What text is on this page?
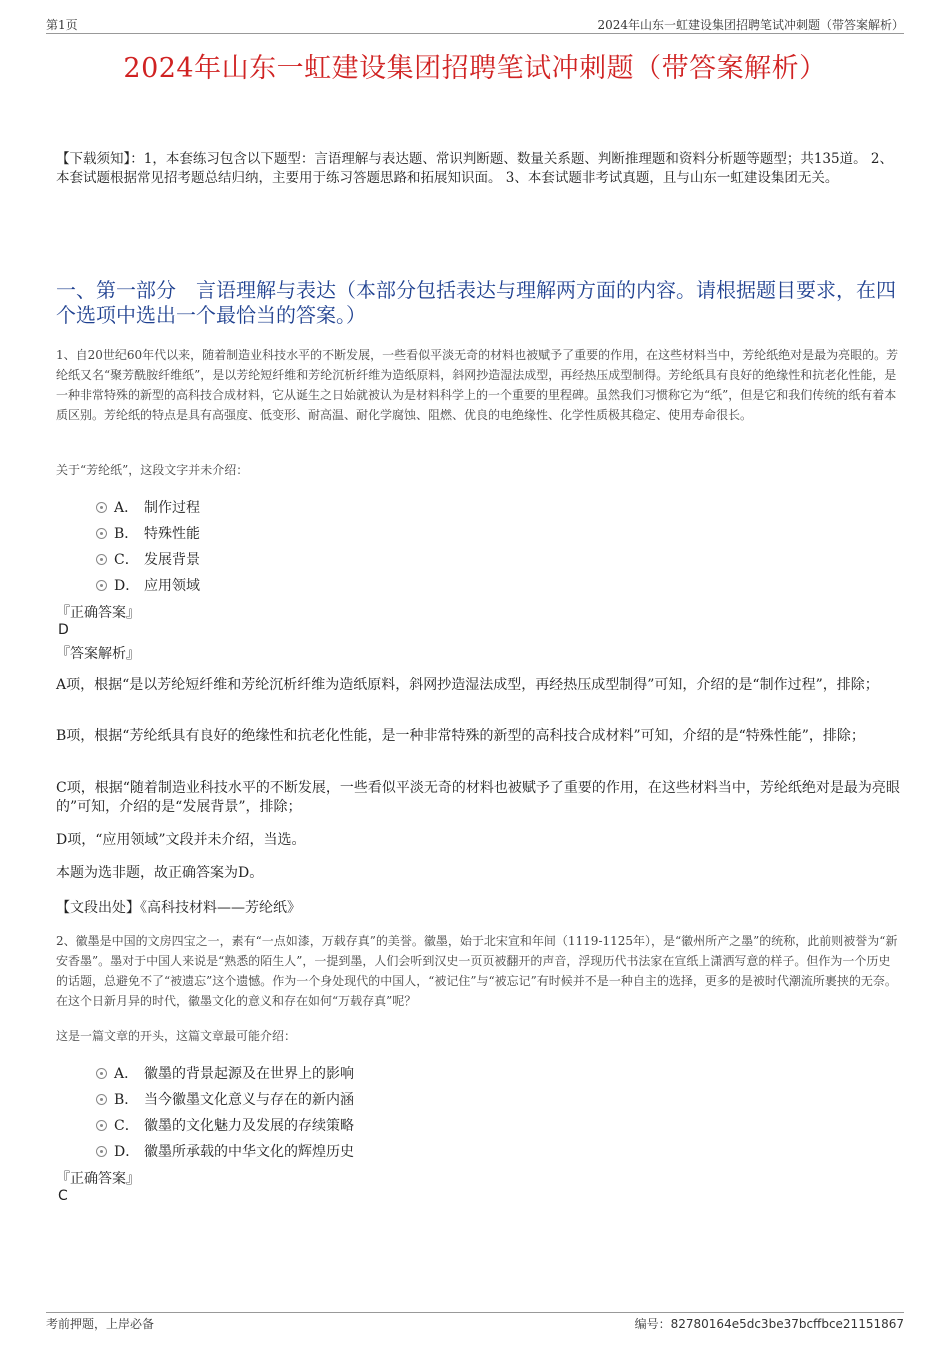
第1页	2024年山东一虹建设集团招聘笔试冲刺题（带答案解析）
2024年山东一虹建设集团招聘笔试冲刺题（带答案解析）
【下载须知】：1，本套练习包含以下题型：言语理解与表达题、常识判断题、数量关系题、判断推理题和资料分析题等题型；共135道。 2、本套试题根据常见招考题总结归纳，主要用于练习答题思路和拓展知识面。 3、本套试题非考试真题，且与山东一虹建设集团无关。
一、第一部分　言语理解与表达（本部分包括表达与理解两方面的内容。请根据题目要求，在四个选项中选出一个最恰当的答案。）
1、自20世纪60年代以来，随着制造业科技水平的不断发展，一些看似平淡无奇的材料也被赋予了重要的作用，在这些材料当中，芳纶纸绝对是最为亮眼的。芳纶纸又名“聚芳酰胺纤维纸”，是以芳纶短纤维和芳纶沉析纤维为造纸原料，斜网抄造湿法成型，再经热压成型制得。芳纶纸具有良好的绝缘性和抗老化性能，是一种非常特殊的新型的高科技合成材料，它从诞生之日始就被认为是材料科学上的一个重要的里程碑。虽然我们习惯称它为“纸”，但是它和我们传统的纸有着本质区别。芳纶纸的特点是具有高强度、低变形、耐高温、耐化学腐蚀、阻燃、优良的电绝缘性、化学性质极其稳定、使用寿命很长。
关于“芳纶纸”，这段文字并未介绍：
A． 制作过程
B． 特殊性能
C． 发展背景
D． 应用领域
『正确答案』
D
『答案解析』
A项，根据“是以芳纶短纤维和芳纶沉析纤维为造纸原料，斜网抄造湿法成型，再经热压成型制得”可知，介绍的是“制作过程”，排除；
B项，根据“芳纶纸具有良好的绝缘性和抗老化性能，是一种非常特殊的新型的高科技合成材料”可知，介绍的是“特殊性能”，排除；
C项，根据“随着制造业科技水平的不断发展，一些看似平淡无奇的材料也被赋予了重要的作用，在这些材料当中，芳纶纸绝对是最为亮眼的”可知，介绍的是“发展背景”，排除；
D项，“应用领域”文段并未介绍，当选。
本题为选非题，故正确答案为D。
【文段出处】《高科技材料——芳纶纸》
2、徽墨是中国的文房四宝之一，素有“一点如漆，万载存真”的美誉。徽墨，始于北宋宣和年间（1119-1125年），是“徽州所产之墨”的统称，此前则被誉为“新安香墨”。墨对于中国人来说是“熟悉的陌生人”，一提到墨，人们会听到汉史一页页被翻开的声音，浮现历代书法家在宣纸上潇洒写意的样子。但作为一个历史的话题，总避免不了“被遗忘”这个遗憾。作为一个身处现代的中国人，“被记住”与“被忘记”有时候并不是一种自主的选择，更多的是被时代潮流所裹挟的无奈。在这个日新月异的时代，徽墨文化的意义和存在如何“万载存真”呢？
这是一篇文章的开头，这篇文章最可能介绍：
A． 徽墨的背景起源及在世界上的影响
B． 当今徽墨文化意义与存在的新内涵
C． 徽墨的文化魅力及发展的存续策略
D． 徽墨所承载的中华文化的辉煌历史
『正确答案』
C
考前押题，上岸必备	编号：82780164e5dc3be37bcffbce21151867
